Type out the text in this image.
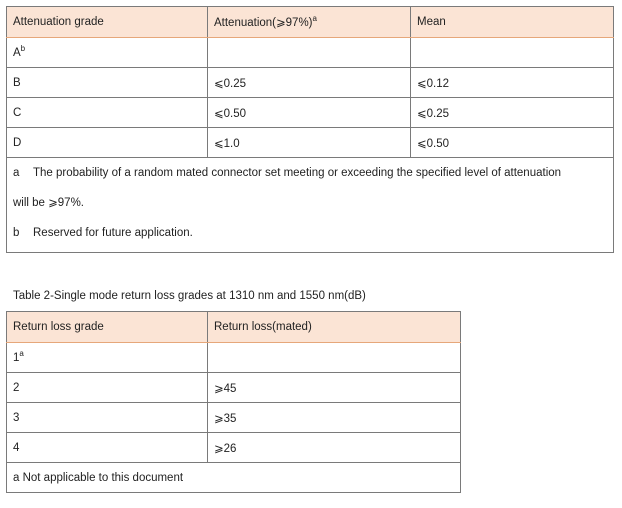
Attenuation grade	Attenuation(⩾97%)$^a$	Mean
$A^b$		
B	⩽0.25	⩽0.12
C	⩽0.50	⩽0.25
D	⩽1.0	⩽0.50

a The probability of a random mated connector set meeting or exceeding the specified level of attenuation
will be ⩾97%.
b Reserved for future application.		
Table 2-Single mode return loss grades at 1310 nm and 1550 nm(dB)
Return loss grade	Return loss(mated)
1$^a$	
2	⩾45
3	⩾35
4	⩾26
a Not applicable to this document	
